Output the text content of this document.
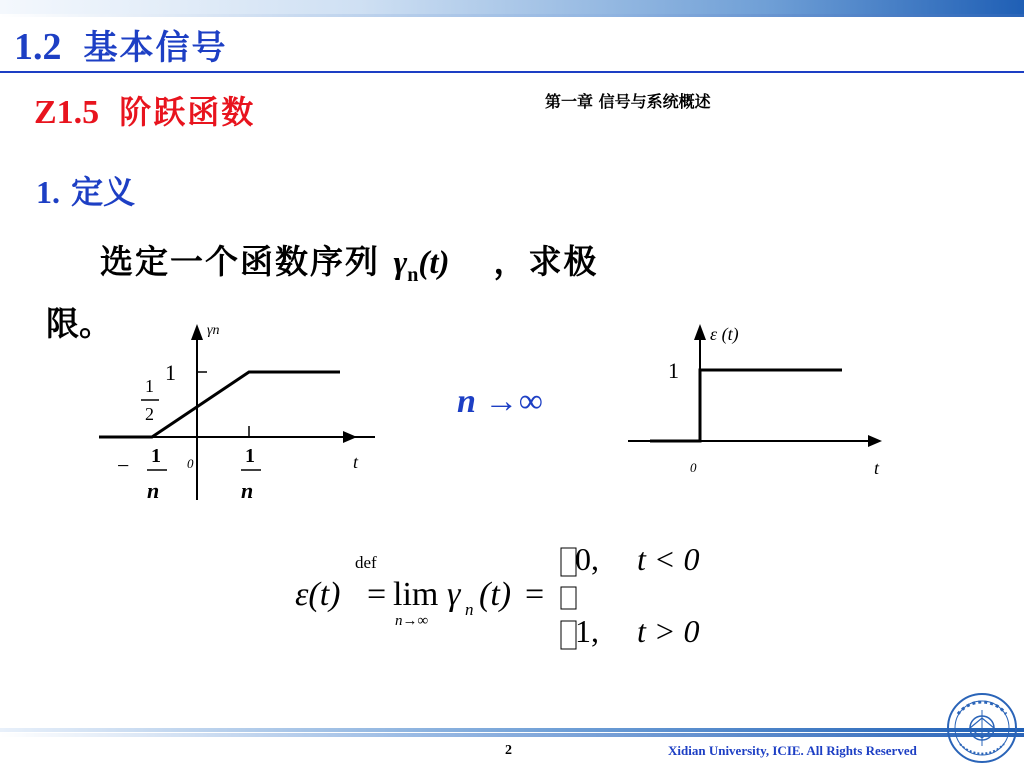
1.2 基本信号
Z1.5 阶跃函数	第一章 信号与系统概述
1. 定义
选定一个函数序列 $\gamma_n(t)$ ，求极
限。	γn
1
1
2
− 1
n
0	1
n
t
n →∞
ε (t)
1
0	t
def
ε(t) = lim
n→∞
γ n (t) =
0, t < 0
1, t > 0
2	Xidian University, ICIE. All Rights Reserved
